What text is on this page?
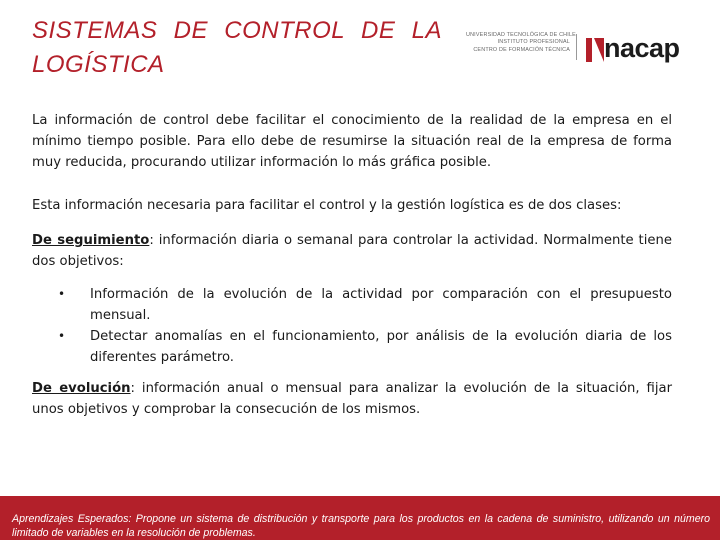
SISTEMAS DE CONTROL DE LA
LOGÍSTICA
UNIVERSIDAD TECNOLÓGICA DE CHILE
INSTITUTO PROFESIONAL
CENTRO DE FORMACIÓN TÉCNICA nacap

La información de control debe facilitar el conocimiento de la realidad de la empresa en el mínimo tiempo posible. Para ello debe de resumirse la situación real de la empresa de forma muy reducida, procurando utilizar información lo más gráfica posible.

Esta información necesaria para facilitar el control y la gestión logística es de dos clases:

De seguimiento: información diaria o semanal para controlar la actividad. Normalmente tiene dos objetivos:

• Información de la evolución de la actividad por comparación con el presupuesto mensual.
• Detectar anomalías en el funcionamiento, por análisis de la evolución diaria de los diferentes parámetro.

De evolución: información anual o mensual para analizar la evolución de la situación, fijar unos objetivos y comprobar la consecución de los mismos.

Aprendizajes Esperados: Propone un sistema de distribución y transporte para los productos en la cadena de suministro, utilizando un número limitado de variables en la resolución de problemas.
